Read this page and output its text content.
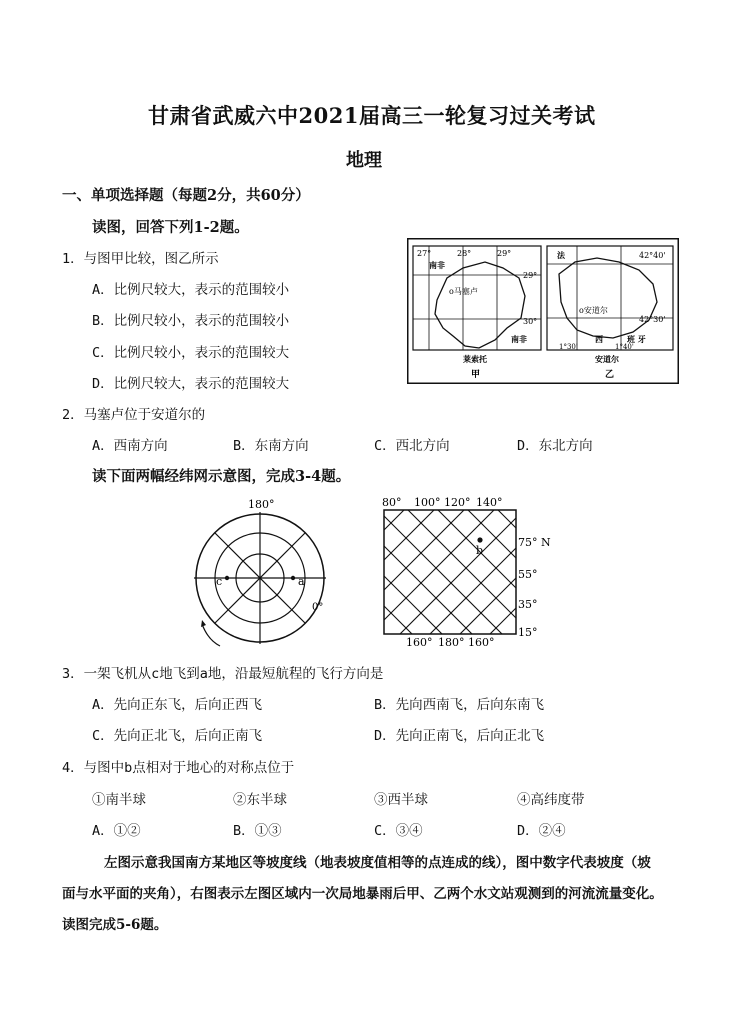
甘肃省武威六中2021届高三一轮复习过关考试
地理
一、单项选择题（每题2分，共60分）
读图，回答下列1-2题。
1．与图甲比较，图乙所示
A．比例尺较大，表示的范围较小
B．比例尺较小，表示的范围较小
C．比例尺较小，表示的范围较大
D．比例尺较大，表示的范围较大
27°	28°	29°
29°
30°
南非
o马塞卢
南非
莱索托
甲
法	42°40'
42°30'
o安道尔
西	班 牙
1°30'	1°40'
安道尔
乙
2．马塞卢位于安道尔的
A．西南方向	B．东南方向	C．西北方向	D．东北方向
读下面两幅经纬网示意图，完成3-4题。
180°
c	a
0°
b
80° 100° 120° 140°
75° N
55°
35°
15°
160° 180° 160°
3．一架飞机从c地飞到a地，沿最短航程的飞行方向是
A．先向正东飞，后向正西飞	B．先向西南飞，后向东南飞
C．先向正北飞，后向正南飞	D．先向正南飞，后向正北飞
4．与图中b点相对于地心的对称点位于
①南半球	②东半球	③西半球	④高纬度带
A．①②	B．①③	C．③④	D．②④
左图示意我国南方某地区等坡度线（地表坡度值相等的点连成的线），图中数字代表坡度（坡
面与水平面的夹角），右图表示左图区域内一次局地暴雨后甲、乙两个水文站观测到的河流流量变化。
读图完成5-6题。
